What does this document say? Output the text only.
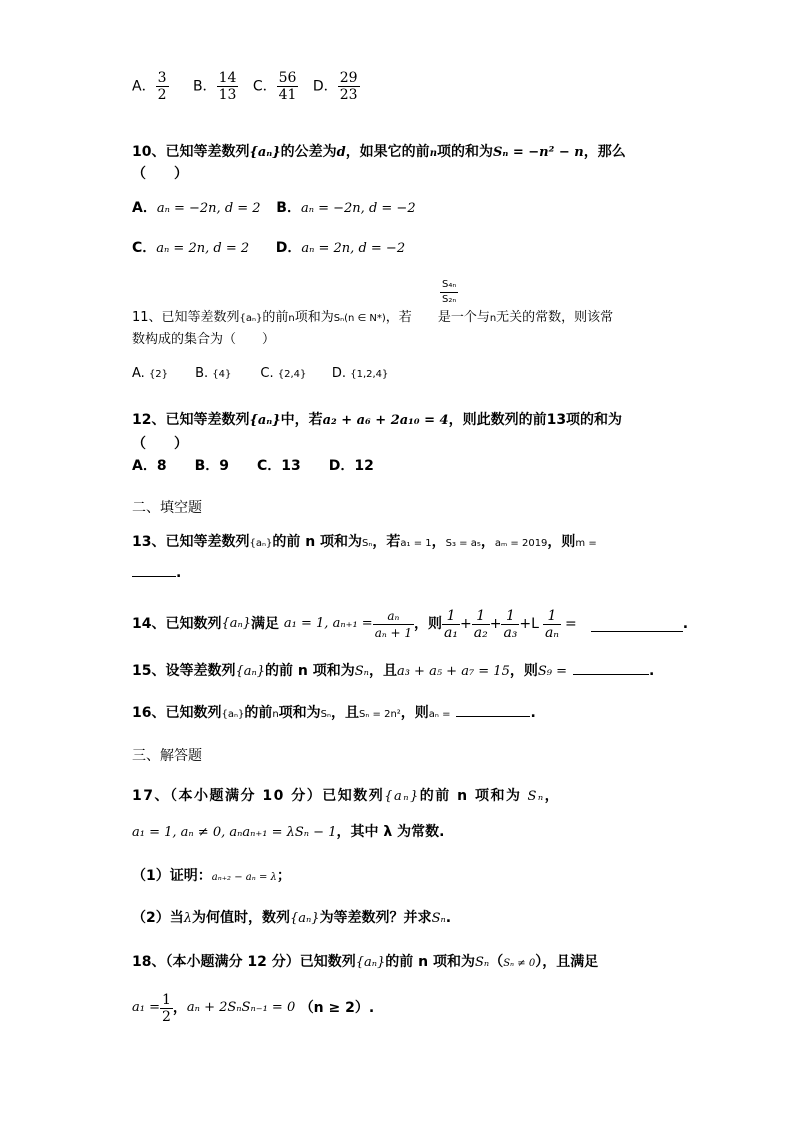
A． $\frac{3}{2}$ B． $\frac{14}{13}$ C． $\frac{56}{41}$ D． $\frac{29}{23}$
10、已知等差数列{aₙ}的公差为d，如果它的前n项的和为Sₙ = −n² − n，那么
（　　）
A．aₙ = −2n, d = 2 B．aₙ = −2n, d = −2
C．aₙ = 2n, d = 2 D．aₙ = 2n, d = −2
S₄ₙ
S₂ₙ
11、已知等差数列{aₙ}的前n项和为Sₙ(n ∈ N*)，若 是一个与n无关的常数，则该常
数构成的集合为（　　）
A. {2} B. {4} C. {2,4} D. {1,2,4}
12、已知等差数列{aₙ}中，若a₂ + a₆ + 2a₁₀ = 4，则此数列的前13项的和为
（　　）
A．8　　B．9　　C．13　　D．12
二、填空题
13、已知等差数列{aₙ}的前 n 项和为Sₙ，若a₁ = 1，S₃ = a₅，aₘ = 2019，则m =
.
14、已知数列{aₙ}满足 a₁ = 1, $a_{n+1} = \frac{\text{aₙ}}{\text{aₙ + 1}}$ ，则 $\frac{1}{\text{a₁}} + \frac{1}{\text{a₂}} + \frac{1}{\text{a₃}} +L \frac{1}{\text{aₙ}}$ =	.
15、设等差数列{aₙ}的前 n 项和为Sₙ，且a₃ + a₅ + a₇ = 15，则S₉ =	.
16、已知数列{aₙ}的前n项和为Sₙ，且Sₙ = 2n²，则aₙ =	.
三、解答题
17、（本小题满分 10 分）已知数列{aₙ}的前 n 项和为 Sₙ，
a₁ = 1, aₙ ≠ 0, aₙaₙ₊₁ = λSₙ − 1，其中 λ 为常数.
（1）证明：aₙ₊₂ − aₙ = λ；
（2）当λ为何值时，数列{aₙ}为等差数列？并求Sₙ.
18、（本小题满分 12 分）已知数列{aₙ}的前 n 项和为Sₙ（Sₙ ≠ 0），且满足
$a_1 = \frac{1}{2}$ ，aₙ + 2SₙSₙ₋₁ = 0 （n ≥ 2）.
